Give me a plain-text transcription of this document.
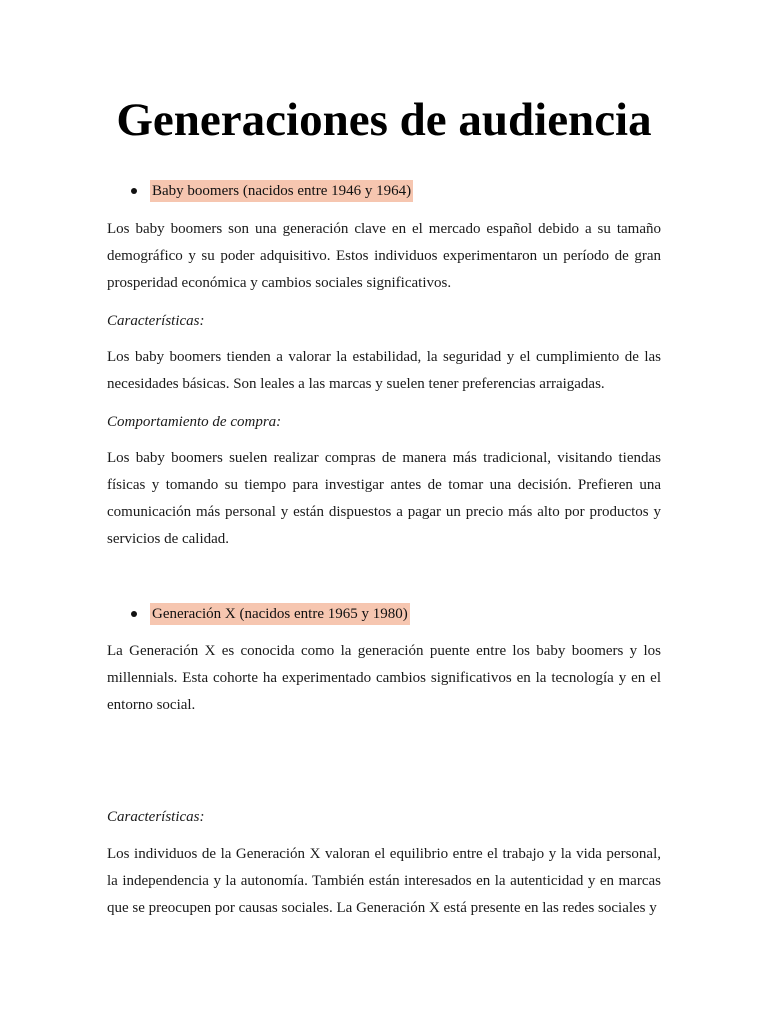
Generaciones de audiencia
Baby boomers (nacidos entre 1946 y 1964)

Los baby boomers son una generación clave en el mercado español debido a su tamaño demográfico y su poder adquisitivo. Estos individuos experimentaron un período de gran prosperidad económica y cambios sociales significativos.

Características:

Los baby boomers tienden a valorar la estabilidad, la seguridad y el cumplimiento de las necesidades básicas. Son leales a las marcas y suelen tener preferencias arraigadas.

Comportamiento de compra:

Los baby boomers suelen realizar compras de manera más tradicional, visitando tiendas físicas y tomando su tiempo para investigar antes de tomar una decisión. Prefieren una comunicación más personal y están dispuestos a pagar un precio más alto por productos y servicios de calidad.

Generación X (nacidos entre 1965 y 1980)

La Generación X es conocida como la generación puente entre los baby boomers y los millennials. Esta cohorte ha experimentado cambios significativos en la tecnología y en el entorno social.

Características:

Los individuos de la Generación X valoran el equilibrio entre el trabajo y la vida personal, la independencia y la autonomía. También están interesados en la autenticidad y en marcas que se preocupen por causas sociales. La Generación X está presente en las redes sociales y
